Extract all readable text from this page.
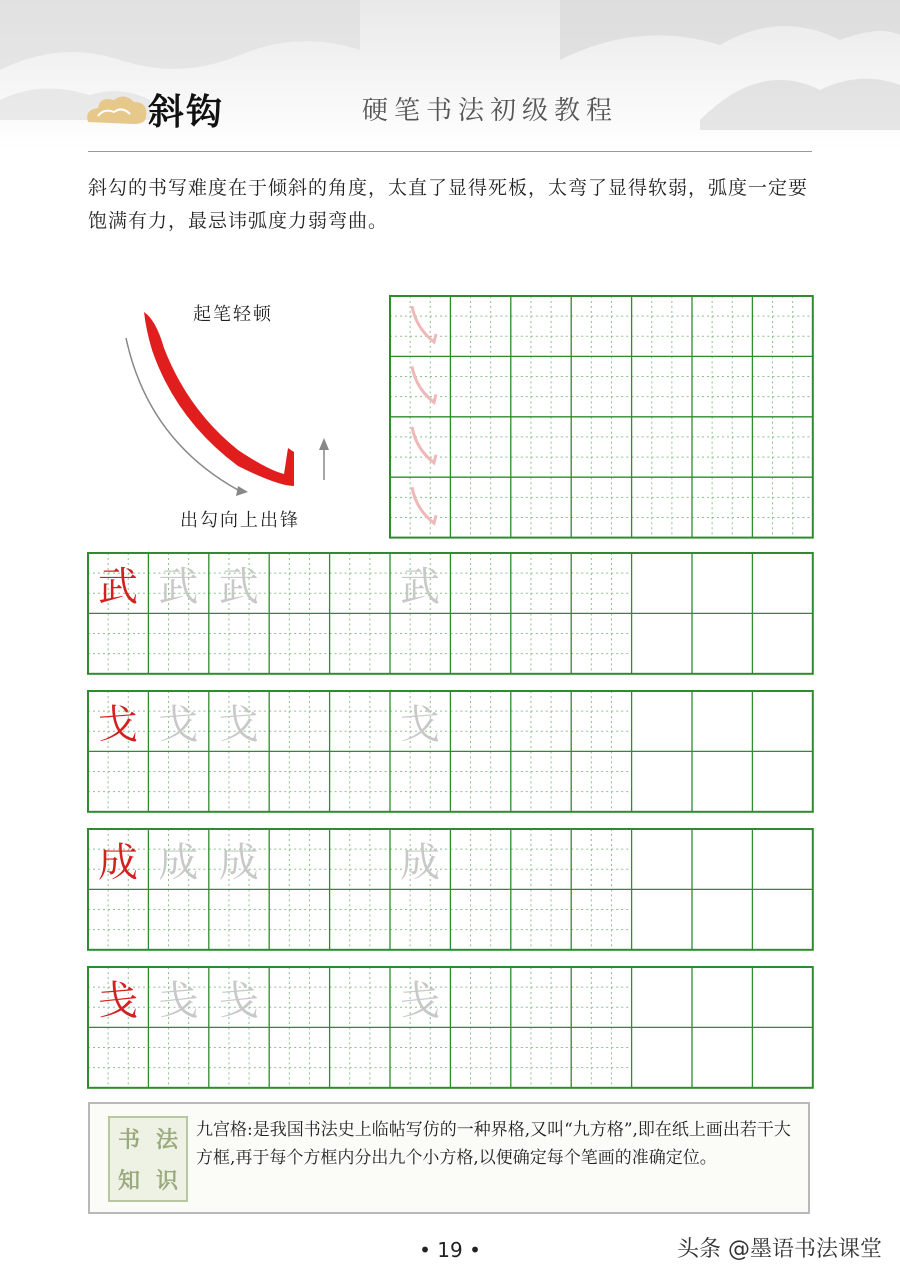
斜钩	硬笔书法初级教程
斜勾的书写难度在于倾斜的角度，太直了显得死板，太弯了显得软弱，弧度一定要饱满有力，最忌讳弧度力弱弯曲。
起笔轻顿
出勾向上出锋
武 武 武	武
戈 戈 戈	戈
成 成 成	成
戋 戋 戋	戋
书 法
知 识
九宫格:是我国书法史上临帖写仿的一种界格,又叫“九方格”,即在纸上画出若干大方框,再于每个方框内分出九个小方格,以便确定每个笔画的准确定位。
• 19 •	头条 @墨语书法课堂
